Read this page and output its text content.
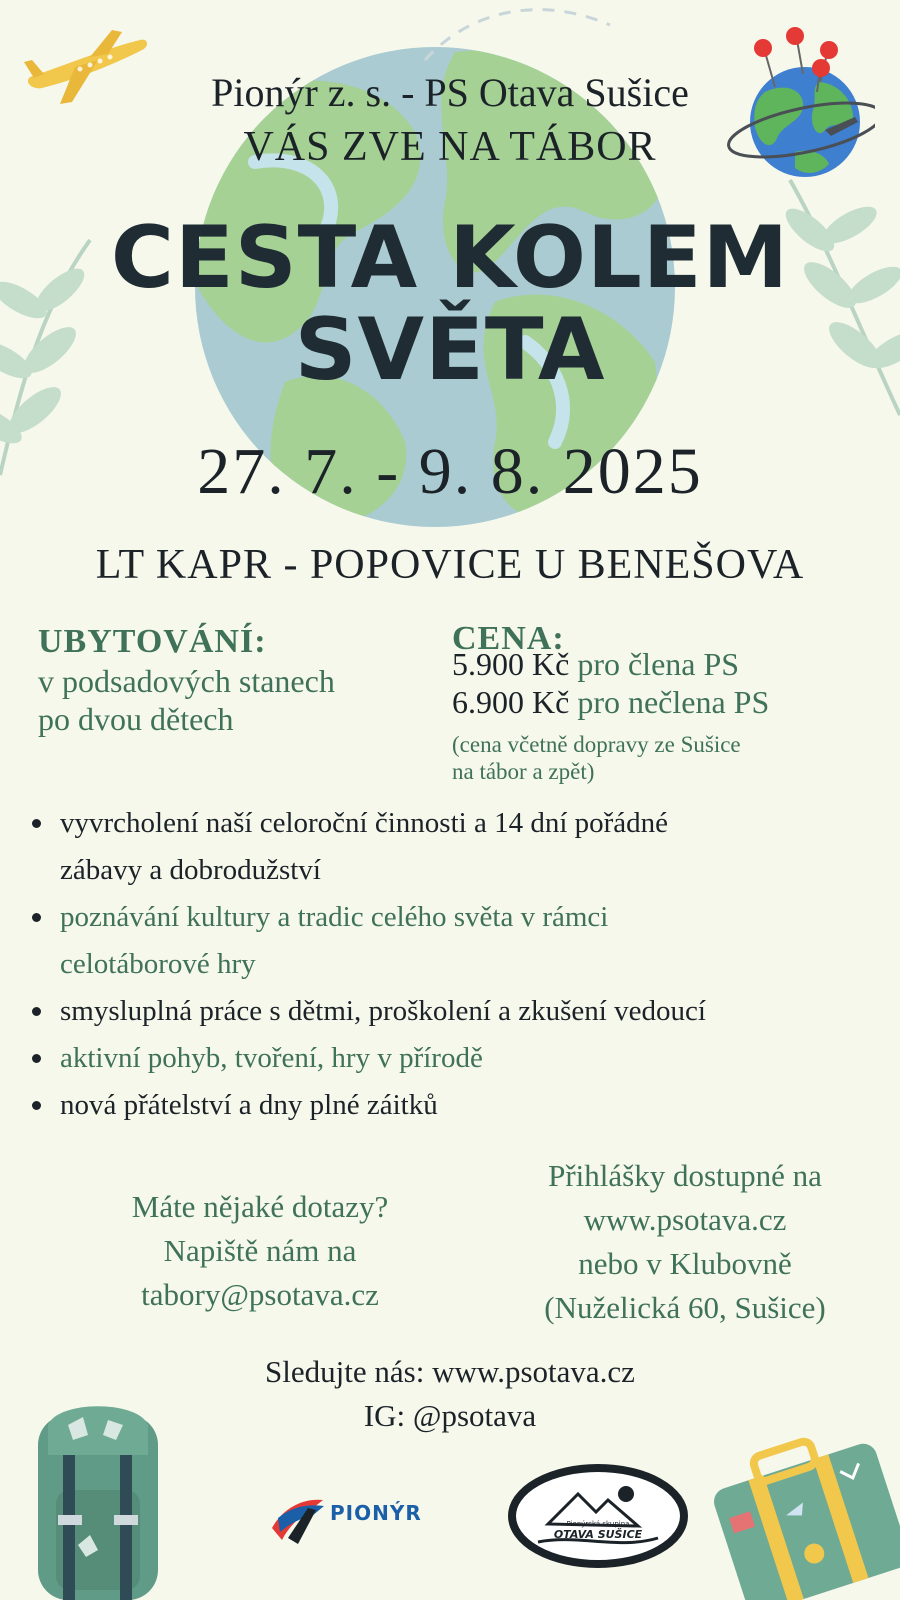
Pionýr z. s. - PS Otava Sušice
VÁS ZVE NA TÁBOR
CESTA KOLEM
SVĚTA
27. 7. - 9. 8. 2025
LT KAPR - POPOVICE U BENEŠOVA
UBYTOVÁNÍ:
v podsadových stanech
po dvou dětech
CENA:
5.900 Kč pro člena PS
6.900 Kč pro nečlena PS
(cena včetně dopravy ze Sušice
na tábor a zpět)
vyvrcholení naší celoroční činnosti a 14 dní pořádné
zábavy a dobrodužství
poznávání kultury a tradic celého světa v rámci
celotáborové hry
smysluplná práce s dětmi, proškolení a zkušení vedoucí
aktivní pohyb, tvoření, hry v přírodě
nová přátelství a dny plné záitků
Máte nějaké dotazy?
Napiště nám na
tabory@psotava.cz
Přihlášky dostupné na
www.psotava.cz
nebo v Klubovně
(Nuželická 60, Sušice)
Sledujte nás: www.psotava.cz
IG: @psotava
PIONÝR	Pionýrská skupina
OTAVA SUŠICE
